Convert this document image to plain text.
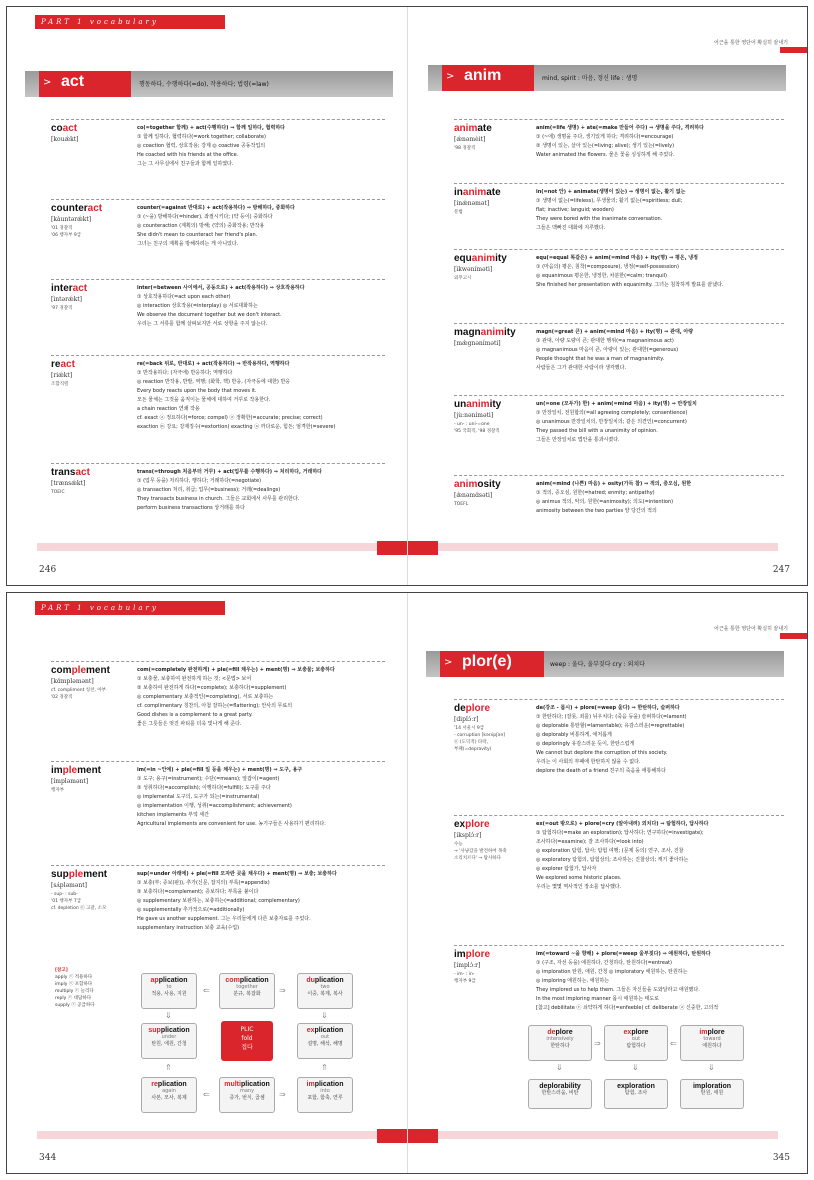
PART 1 vocabulary
> act	행동하다, 수행하다(=do), 작용하다; 법령(=law)
coact
[kouǽkt]
co(=together 함께) + act(수행하다) ⇒ 함께 일하다, 협력하다
① 함께 일하다, 협력하다(=work together; collaborate)
◎ coaction 협력, 상호작용; 강제 ◎ coactive 공동작업의
He coacted with his friends at the office.
그는 그 사무실에서 친구들과 함께 일하였다.
counteract
[kàuntərǽkt]
'01 경찰직
'06 행자부 9급
counter(=against 반대로) + act(작용하다) ⇒ 방해하다, 중화하다
① (~을) 방해하다(=hinder), 좌절시키다; (약 등이) 중화하다
◎ counteraction (계획의) 방해; (약의) 중화작용; 반작용
She didn't mean to counteract her friend's plan.
그녀는 친구의 계획을 방해하려는 게 아니었다.
interact
[ìntərǽkt]
'97 경찰직
inter(=between 사이에서, 공동으로) + act(작용하다) ⇒ 상호작용하다
① 상호작용하다(=act upon each other)
◎ interaction 상호작용(=interplay) ◎ 서로대화하는
We observe the document together but we don't interact.
우리는 그 서류를 함께 살펴보지만 서로 상항을 주지 않는다.
react
[riǽkt]
조합직렬
re(=back 뒤로, 반대로) + act(작용하다) ⇒ 반작용하다, 역행하다
① 반작용하다; (자극에) 반응하다; 역행하다
◎ reaction 반작용, 반발, 역행; (화학, 핵) 반응, (자극등에 대한) 반응
Every body reacts upon the body that moves it.
모든 물체는 그것을 움직이는 물체에 대하여 거꾸로 작용한다.
a chain reaction 연쇄 작용
cf. exact ⓐ 정요하다(=force; compel) ⓐ 정확한(=accurate; precise; correct)
exaction ⓝ 강요; 강제징수(=extortion) exacting ⓐ 까다로운, 힘든; 엄격한(=severe)
transact
[trænsǽkt]
TOEIC
trans(=through 처음부터 거꾸) + act(업무를 수행하다) ⇒ 처리하다, 거래하다
① (업무 등을) 처리하다, 행하다; 거래하다(=negotiate)
◎ transaction 처리, 취급; 업무(=business); 거래(=dealings)
They transacts business in church. 그들은 교회에서 사무를 관리한다.
perform business transactions 상거래를 하다
246
어근을 통한 영단어 확실히 끝내기
> anim	mind, spirit : 마음, 정신 life : 생명
animate
[ǽnəmèit]
'98 경찰직
anim(=life 생명) + ate(=make 만들어 주다) ⇒ 생명을 주다, 격려하다
① (~에) 생명을 주다, 생기있게 하다; 격려하다(=encourage)
② 생명이 있는, 살아 있는(=living; alive); 생기 있는(=lively)
Water animated the flowers. 물은 꽃을 싱싱하게 해 주었다.
inanimate
[inǽnəmət]
문법
in(=not 안) + animate(생명이 있는) ⇒ 생명이 없는, 활기 없는
① 생명이 없는(=lifeless), 무생물의; 활기 없는(=spiritless; dull;
flat; inactive; languid; wooden)
They were bored with the inanimate conversation.
그들은 맥빠진 대화에 지루했다.
equanimity
[ìkwənímәti]
외무고시
equ(=equal 똑같은) + anim(=mind 마음) + ity(명) ⇒ 평온, 냉정
① (마음의) 평온, 침착(=composure), 냉정(=self-possession)
◎ equanimous 평온한, 냉정한, 차분한(=calm; tranquil)
She finished her presentation with equanimity. 그녀는 침착하게 발표를 끝냈다.
magnanimity
[mæ̀gnənímәti]
magn(=great 큰) + anim(=mind 마음) + ity(명) ⇒ 관대, 아량
① 관대, 아량 도량이 큰; 관대한 행위(=a magnanimous act)
◎ magnanimous 마음이 큰, 아량이 있는; 관대한(=generous)
People thought that he was a man of magnanimity.
사람들은 그가 관대한 사람이라 생각했다.
unanimity
[jù:nənímәti]
- un- : uni-=one
'95 국회직, '98 경찰직
un(=one (모두가) 한) + anim(=mind 마음) + ity(명) ⇒ 만장일치
① 만장일치, 전원합의(=all agreeing completely; consentience)
◎ unanimous 만장일치의, 만장일치의; 같은 의견인(=concurrent)
They passed the bill with a unanimity of opinion.
그들은 만장일치로 법안을 통과시켰다.
animosity
[æ̀nəmɑ́səti]
TOEFL
anim(=mind (나쁜) 마음) + osity(가득 참) ⇒ 적의, 증오심, 원한
① 적의, 증오심, 원한(=hatred; enmity; antipathy)
◎ animus 적의, 악의, 원한(=animosity); 의도(=intention)
animosity between the two parties 양 당간의 적의
247
PART 1 vocabulary
complement
[kɑ́mpləmənt]
cf. compliment 칭찬, 아부
'02 경찰직
com(=completely 완전하게) + ple(=fill 채우는) + ment(명) ⇒ 보충물; 보충하다
① 보충물, 보충하여 완전하게 하는 것; <문법> 보어
② 보충하여 완전하게 하다(=complete); 보충하다(=supplement)
◎ complementary 보충적인(=completing), 서로 보충하는
cf. complimentary 칭찬의, 아첨 잘하는(=flattering); 안사의 무료의
Good dishes is a complement to a great party.
좋은 그릇들은 멋진 파티를 더욱 빛나게 해 준다.
implement
[ímpləmənt]
행자부
im(=in ~안에) + ple(=fill 일 등을 채우는) + ment(명) ⇒ 도구, 용구
① 도구; 용구(=instrument); 수단(=means); 앞잡이(=agent)
② 성취하다(=accomplish); 이행하다(=fulfill); 도구를 주다
◎ implemental 도구의, 도구가 되는(=instrumental)
◎ implementation 이행, 성취(=accomplishment; achievement)
kitchen implements 부엌 세간
Agricultural implements are convenient for use. 농기구들은 사용하기 편리하다.
supplement
[sʌ́pləmənt]
- sup- : sub-
'01 행자부 7급
cf. depletion ⓝ 고갈, 소모
sup(=under 아래에) + ple(=fill 모자란 곳을 채우다) + ment(명) ⇒ 보충; 보충하다
① 보충(부; 증보(판)), 추가(신문, 잡지의) 부록(=appendix)
② 보충하다(=complement); 증보하다; 부록을 붙이다
◎ supplementary 보완하는, 보충하는(=additional; complementary)
◎ supplementally 추가적으로(=additionally)
He gave us another supplement. 그는 우리들에게 다른 보충자료를 주었다.
supplementary instruction 보충 교육(수업)
[참고]
apply ⓥ 적용하다
imply ⓥ 포함하다
multiply ⓥ 늘리다
reply ⓥ 대답하다
supply ⓥ 공급하다
application
to
적용, 사용, 지원
complication
together
분규, 복잡화
duplication
two
이중, 복제, 복사
supplication
under
탄원, 애원, 간청
explication
out
설명, 해석, 해명
replication
again
사본, 모사, 복제
multiplication
many
증가, 번식, 곱셈
implication
into
포함, 함축, 연루
PLIC
fold
접다
⇐	⇒
⇓	⇓
⇑	⇑
⇐	⇒
344
어근을 통한 영단어 확실히 끝내기
> plor(e)	weep : 울다, 울부짖다 cry : 외치다
deplore
[diplɔ́ːr]
'14 서울시 9급
- corruption [kərʌ́pʃən]
ⓝ (도덕적) 타락,
부패(=depravity)
de(강조 - 몹시) + plore(=weep 울다) ⇒ 한탄하다, 슬퍼하다
① 한탄하다; (잘못, 죄를) 뉘우치다; (죽음 등을) 슬퍼하다(=lament)
◎ deplorable 통탄할(=lamentable); 유감스러운(=regrettable)
◎ deplorably 비통하게, 애처롭게
◎ deploringly 유감스러운 듯이, 한탄스럽게
We cannot but deplore the corruption of this society.
우리는 이 사회의 부패에 한탄하지 않을 수 없다.
deplore the death of a friend 친구의 죽음을 애통해하다
explore
[iksplɔ́ːr]
수능
→ '사냥감을 발견하여 목축
소리치르다' → 탐사하다
ex(=out 밖으로) + plore(=cry (알아내려) 외치다) ⇒ 탐험하다, 답사하다
① 탐험하다(=make an exploration); 답사하다; 연구하다(=investigate);
조사하다(=examine); 잘 조사하다(=look into)
◎ exploration 탐험, 답사; 탐험 여행; (문제 등의) 연구, 조사, 진찰
◎ exploratory 탐험의, 탐험상의; 조사하는; 진찰상의; 캐기 좋아하는
◎ explorer 탐험가, 답사자
We explored some historic places.
우리는 몇몇 역사적인 장소를 답사했다.
implore
[implɔ́ːr]
- im- : in-
행자부 9급
im(=toward ~을 향해) + plore(=weep 울부짖다) ⇒ 애원하다, 탄원하다
① (구조, 자선 등을) 애원하다, 간청하다, 탄원하다(=entreat)
◎ imploration 탄원, 애원, 간청 ◎ imploratory 애원하는, 탄원하는
◎ imploring 애원하는, 애원하는
They implored us to help them. 그들은 자신들을 도와달라고 애원했다.
In the most imploring manner 몹시 애원하는 태도로
[참고] debilitate ⓥ 쇠약하게 하다(=enfeeble) cf. deliberate ⓐ 신중한, 고의적
deplore
intensively
한탄하다
explore
out
탐험하다
implore
toward
애원하다
deplorability
한탄스러움, 비탄
exploration
탐험, 조사
imploration
탄원, 애원
⇒	⇐
⇓	⇓	⇓
345
